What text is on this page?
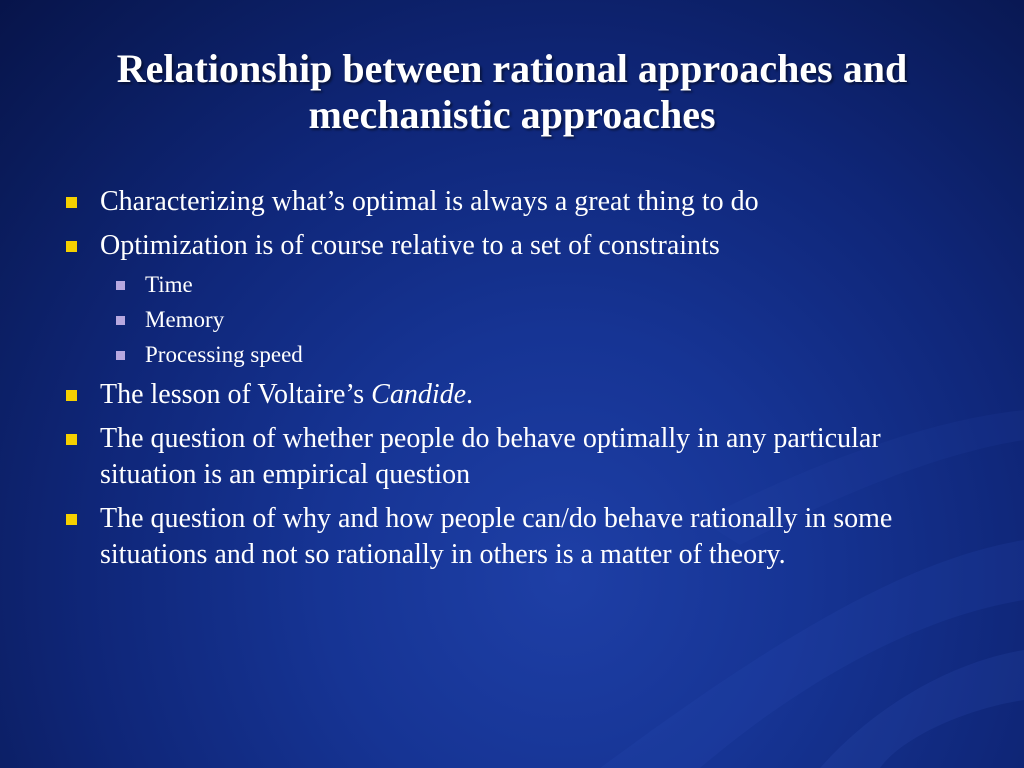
Relationship between rational approaches and
mechanistic approaches
Characterizing what’s optimal is always a great thing to do
Optimization is of course relative to a set of constraints
Time
Memory
Processing speed
The lesson of Voltaire’s Candide.
The question of whether people do behave optimally in any particular situation is an empirical question
The question of why and how people can/do behave rationally in some situations and not so rationally in others is a matter of theory.
